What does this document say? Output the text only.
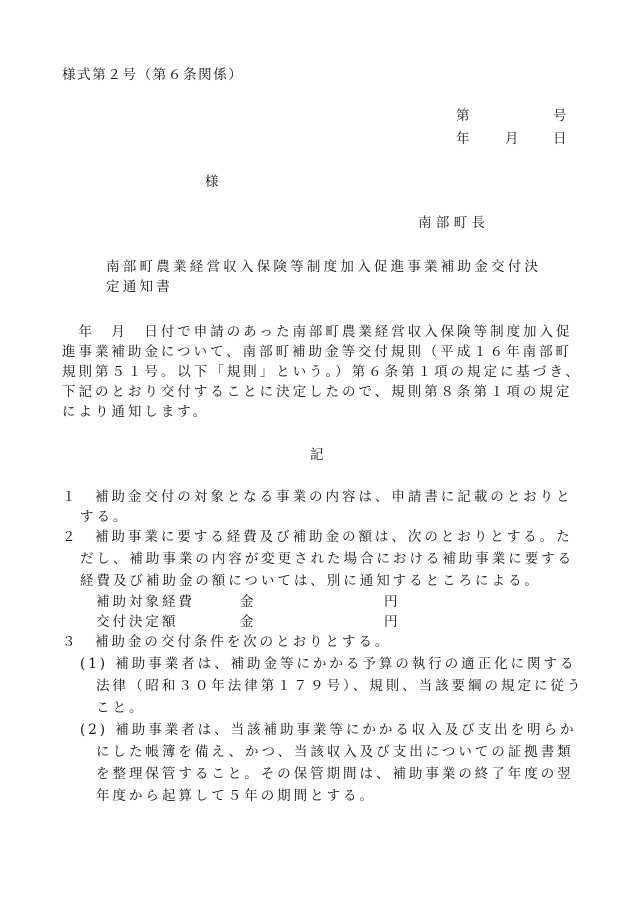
様式第２号（第６条関係）
第	号
年 月 日
様
南部町長
南部町農業経営収入保険等制度加入促進事業補助金交付決
定通知書
　年　月　日付で申請のあった南部町農業経営収入保険等制度加入促
進事業補助金について、南部町補助金等交付規則（平成１６年南部町
規則第５１号。以下「規則」という。）第６条第１項の規定に基づき、
下記のとおり交付することに決定したので、規則第８条第１項の規定
により通知します。
記
１　補助金交付の対象となる事業の内容は、申請書に記載のとおりと
する。
２　補助事業に要する経費及び補助金の額は、次のとおりとする。た
だし、補助事業の内容が変更された場合における補助事業に要する
経費及び補助金の額については、別に通知するところによる。
補助対象経費	金	円
交付決定額	金	円
３　補助金の交付条件を次のとおりとする。
(1) 補助事業者は、補助金等にかかる予算の執行の適正化に関する
法律（昭和３０年法律第１７９号）、規則、当該要綱の規定に従う
こと。
(2) 補助事業者は、当該補助事業等にかかる収入及び支出を明らか
にした帳簿を備え、かつ、当該収入及び支出についての証拠書類
を整理保管すること。その保管期間は、補助事業の終了年度の翌
年度から起算して５年の期間とする。
